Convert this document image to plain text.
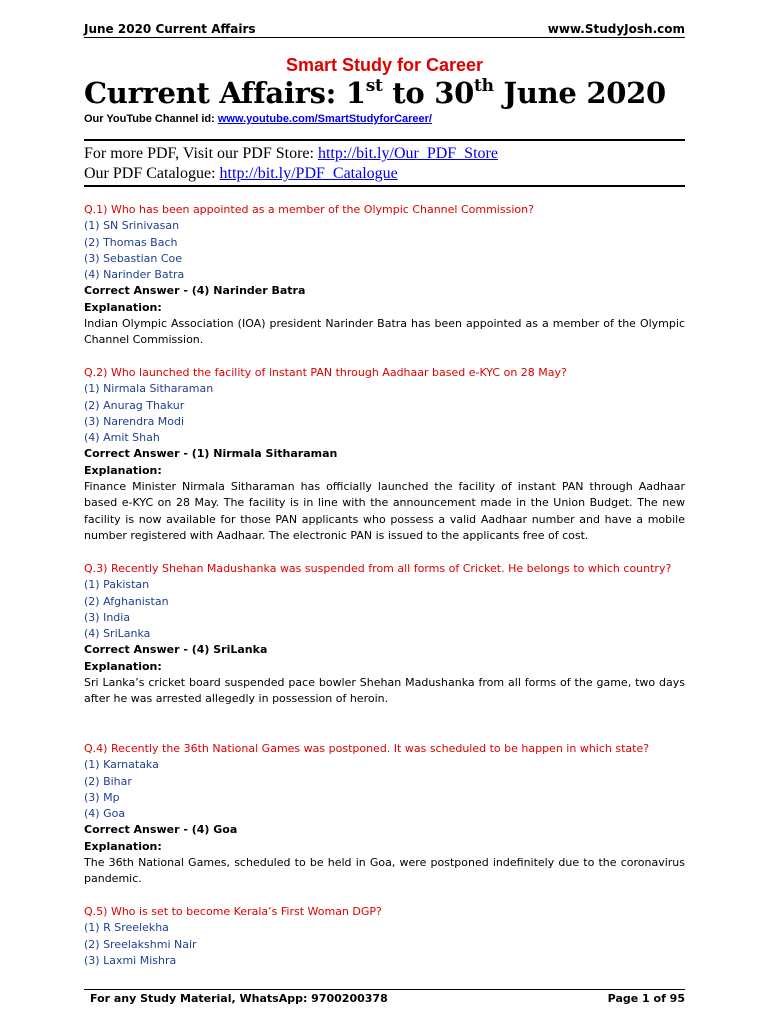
June 2020 Current Affairs	www.StudyJosh.com
Smart Study for Career
Current Affairs: 1st to 30th June 2020
Our YouTube Channel id: www.youtube.com/SmartStudyforCareer/
For more PDF, Visit our PDF Store: http://bit.ly/Our_PDF_Store
Our PDF Catalogue: http://bit.ly/PDF_Catalogue
Q.1) Who has been appointed as a member of the Olympic Channel Commission?
(1) SN Srinivasan
(2) Thomas Bach
(3) Sebastian Coe
(4) Narinder Batra
Correct Answer - (4) Narinder Batra
Explanation:
Indian Olympic Association (IOA) president Narinder Batra has been appointed as a member of the Olympic Channel Commission.
Q.2) Who launched the facility of instant PAN through Aadhaar based e-KYC on 28 May?
(1) Nirmala Sitharaman
(2) Anurag Thakur
(3) Narendra Modi
(4) Amit Shah
Correct Answer - (1) Nirmala Sitharaman
Explanation:
Finance Minister Nirmala Sitharaman has officially launched the facility of instant PAN through Aadhaar based e-KYC on 28 May. The facility is in line with the announcement made in the Union Budget. The new facility is now available for those PAN applicants who possess a valid Aadhaar number and have a mobile number registered with Aadhaar. The electronic PAN is issued to the applicants free of cost.
Q.3) Recently Shehan Madushanka was suspended from all forms of Cricket. He belongs to which country?
(1) Pakistan
(2) Afghanistan
(3) India
(4) SriLanka
Correct Answer - (4) SriLanka
Explanation:
Sri Lanka’s cricket board suspended pace bowler Shehan Madushanka from all forms of the game, two days after he was arrested allegedly in possession of heroin.
Q.4) Recently the 36th National Games was postponed. It was scheduled to be happen in which state?
(1) Karnataka
(2) Bihar
(3) Mp
(4) Goa
Correct Answer - (4) Goa
Explanation:
The 36th National Games, scheduled to be held in Goa, were postponed indefinitely due to the coronavirus pandemic.
Q.5) Who is set to become Kerala’s First Woman DGP?
(1) R Sreelekha
(2) Sreelakshmi Nair
(3) Laxmi Mishra
For any Study Material, WhatsApp: 9700200378	Page 1 of 95
